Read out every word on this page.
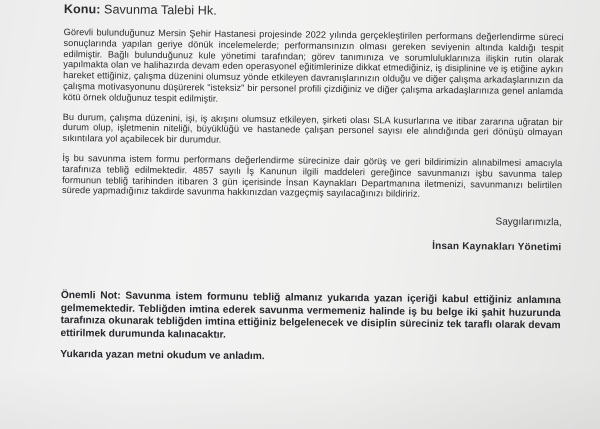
Konu: Savunma Talebi Hk.

Görevli bulunduğunuz Mersin Şehir Hastanesi projesinde 2022 yılında gerçekleştirilen performans değerlendirme süreci sonuçlarında yapılan geriye dönük incelemelerde; performansınızın olması gereken seviyenin altında kaldığı tespit edilmiştir. Bağlı bulunduğunuz kule yönetimi tarafından; görev tanımınıza ve sorumluluklarınıza ilişkin rutin olarak yapılmakta olan ve halihazırda devam eden operasyonel eğitimlerinize dikkat etmediğiniz, iş disiplinine ve iş etiğine aykırı hareket ettiğiniz, çalışma düzenini olumsuz yönde etkileyen davranışlarınızın olduğu ve diğer çalışma arkadaşlarınızın da çalışma motivasyonunu düşürerek "isteksiz" bir personel profili çizdiğiniz ve diğer çalışma arkadaşlarınıza genel anlamda kötü örnek olduğunuz tespit edilmiştir.

Bu durum, çalışma düzenini, işi, iş akışını olumsuz etkileyen, şirketi olası SLA kusurlarına ve itibar zararına uğratan bir durum olup, işletmenin niteliği, büyüklüğü ve hastanede çalışan personel sayısı ele alındığında geri dönüşü olmayan sıkıntılara yol açabilecek bir durumdur.

İş bu savunma istem formu performans değerlendirme sürecinize dair görüş ve geri bildirimizin alınabilmesi amacıyla tarafınıza tebliğ edilmektedir. 4857 sayılı İş Kanunun ilgili maddeleri gereğince savunmanızı işbu savunma talep formunun tebliğ tarihinden itibaren 3 gün içerisinde İnsan Kaynakları Departmanına iletmenizi, savunmanızı belirtilen sürede yapmadığınız takdirde savunma hakkınızdan vazgeçmiş sayılacağınızı bildiririz.

Saygılarımızla,
İnsan Kaynakları Yönetimi
Önemli Not: Savunma istem formunu tebliğ almanız yukarıda yazan içeriği kabul ettiğiniz anlamına gelmemektedir. Tebliğden imtina ederek savunma vermemeniz halinde iş bu belge iki şahit huzurunda tarafınıza okunarak tebliğden imtina ettiğiniz belgelenecek ve disiplin süreciniz tek taraflı olarak devam ettirilmek durumunda kalınacaktır.
Yukarıda yazan metni okudum ve anladım.
